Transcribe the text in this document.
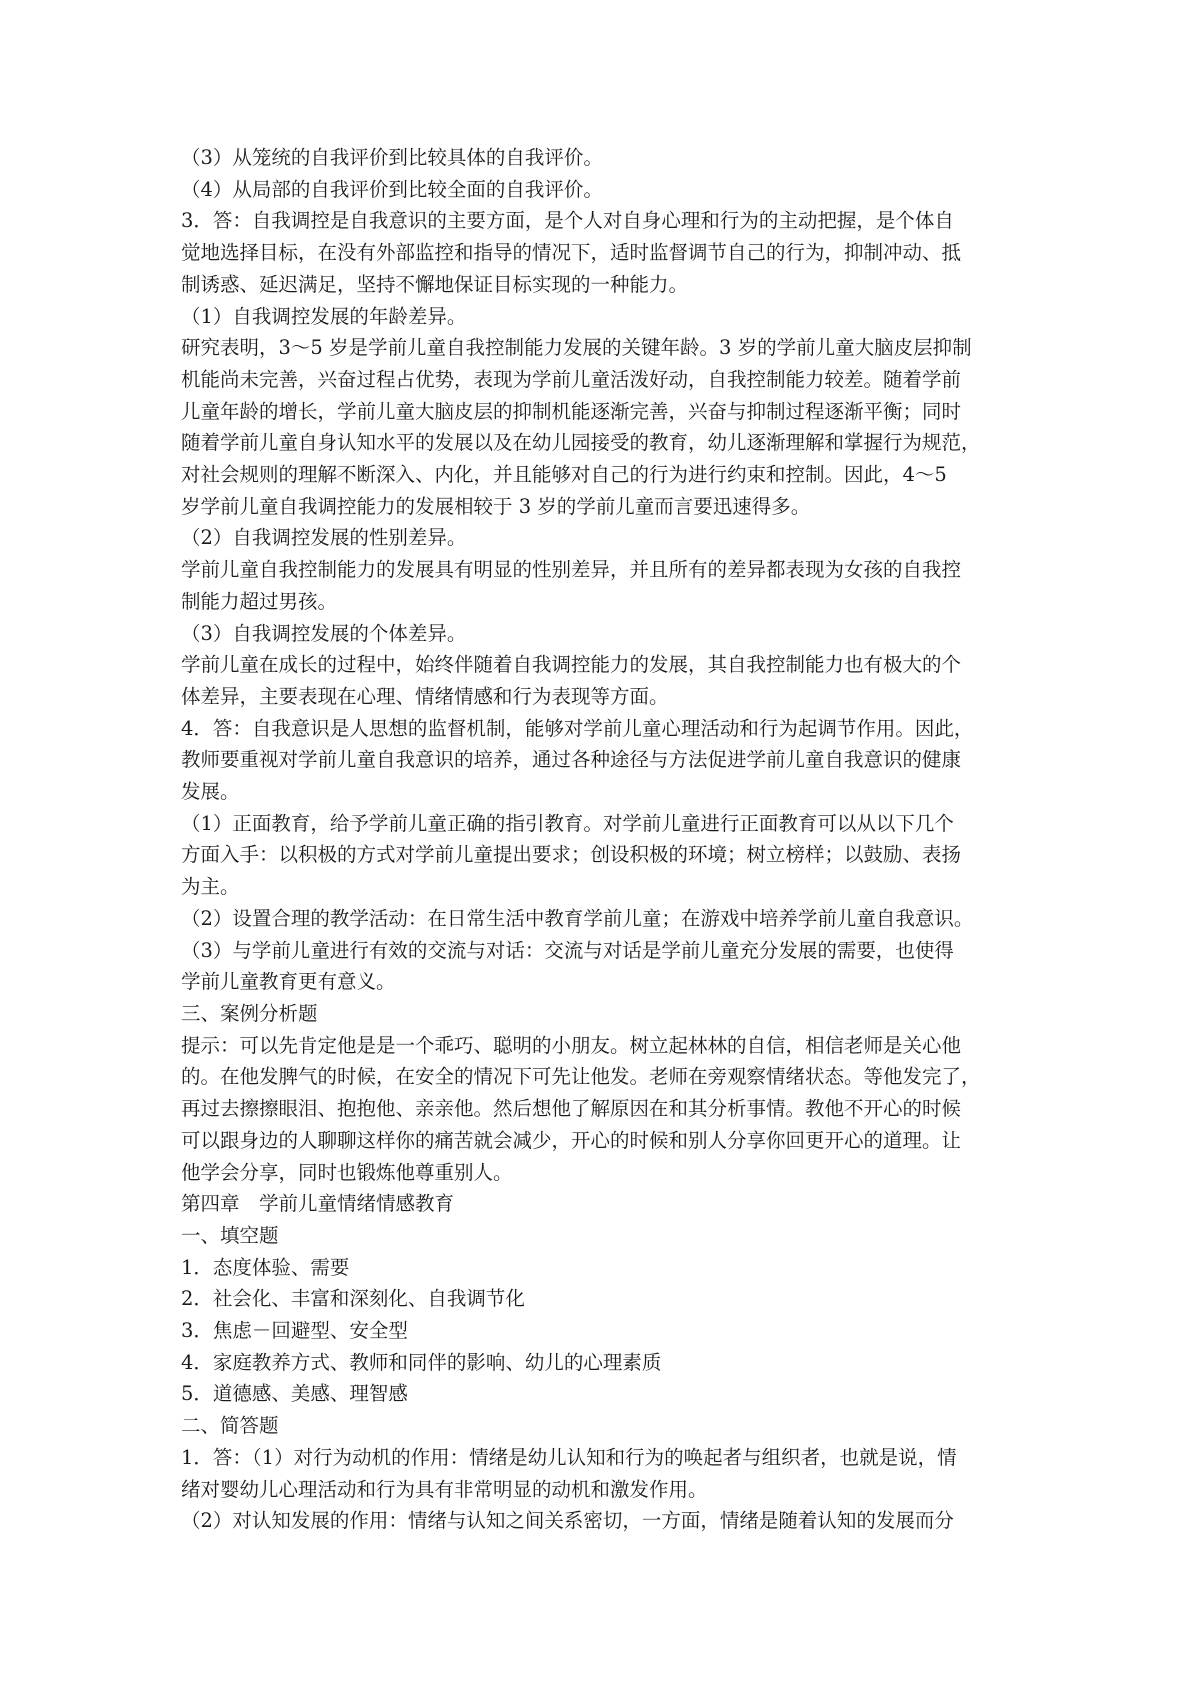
（3）从笼统的自我评价到比较具体的自我评价。

（4）从局部的自我评价到比较全面的自我评价。

3．答：自我调控是自我意识的主要方面，是个人对自身心理和行为的主动把握，是个体自

觉地选择目标，在没有外部监控和指导的情况下，适时监督调节自己的行为，抑制冲动、抵

制诱惑、延迟满足，坚持不懈地保证目标实现的一种能力。

（1）自我调控发展的年龄差异。

研究表明，3～5 岁是学前儿童自我控制能力发展的关键年龄。3 岁的学前儿童大脑皮层抑制

机能尚未完善，兴奋过程占优势，表现为学前儿童活泼好动，自我控制能力较差。随着学前

儿童年龄的增长，学前儿童大脑皮层的抑制机能逐渐完善，兴奋与抑制过程逐渐平衡；同时

随着学前儿童自身认知水平的发展以及在幼儿园接受的教育，幼儿逐渐理解和掌握行为规范，

对社会规则的理解不断深入、内化，并且能够对自己的行为进行约束和控制。因此，4～5

岁学前儿童自我调控能力的发展相较于 3 岁的学前儿童而言要迅速得多。

（2）自我调控发展的性别差异。

学前儿童自我控制能力的发展具有明显的性别差异，并且所有的差异都表现为女孩的自我控

制能力超过男孩。

（3）自我调控发展的个体差异。

学前儿童在成长的过程中，始终伴随着自我调控能力的发展，其自我控制能力也有极大的个

体差异，主要表现在心理、情绪情感和行为表现等方面。

4．答：自我意识是人思想的监督机制，能够对学前儿童心理活动和行为起调节作用。因此，

教师要重视对学前儿童自我意识的培养，通过各种途径与方法促进学前儿童自我意识的健康

发展。

（1）正面教育，给予学前儿童正确的指引教育。对学前儿童进行正面教育可以从以下几个

方面入手：以积极的方式对学前儿童提出要求；创设积极的环境；树立榜样；以鼓励、表扬

为主。

（2）设置合理的教学活动：在日常生活中教育学前儿童；在游戏中培养学前儿童自我意识。

（3）与学前儿童进行有效的交流与对话：交流与对话是学前儿童充分发展的需要，也使得

学前儿童教育更有意义。

三、案例分析题

提示：可以先肯定他是是一个乖巧、聪明的小朋友。树立起林林的自信，相信老师是关心他

的。在他发脾气的时候，在安全的情况下可先让他发。老师在旁观察情绪状态。等他发完了，

再过去擦擦眼泪、抱抱他、亲亲他。然后想他了解原因在和其分析事情。教他不开心的时候

可以跟身边的人聊聊这样你的痛苦就会减少，开心的时候和别人分享你回更开心的道理。让

他学会分享，同时也锻炼他尊重别人。

第四章　学前儿童情绪情感教育

一、填空题

1．态度体验、需要

2．社会化、丰富和深刻化、自我调节化

3．焦虑－回避型、安全型

4．家庭教养方式、教师和同伴的影响、幼儿的心理素质

5．道德感、美感、理智感

二、简答题

1．答：（1）对行为动机的作用：情绪是幼儿认知和行为的唤起者与组织者，也就是说，情

绪对婴幼儿心理活动和行为具有非常明显的动机和激发作用。

（2）对认知发展的作用：情绪与认知之间关系密切，一方面，情绪是随着认知的发展而分
